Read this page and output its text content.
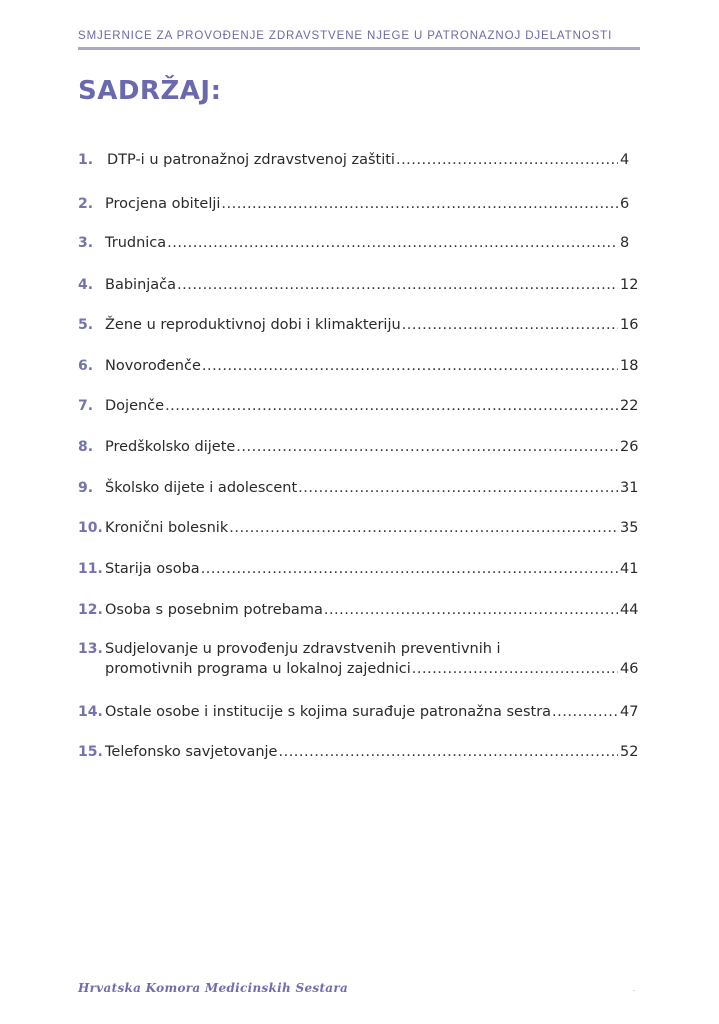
SMJERNICE ZA PROVOĐENJE ZDRAVSTVENE NJEGE U PATRONAŽNOJ DJELATNOSTI
SADRŽAJ:
1. DTP-i u patronažnoj zdravstvenoj zaštiti .....	4
2. Procjena obitelji .....	6
3. Trudnica .....	8
4. Babinjača .....	12
5. Žene u reproduktivnoj dobi i klimakteriju .....	16
6. Novorođenče .....	18
7. Dojenče .....	22
8. Predškolsko dijete .....	26
9. Školsko dijete i adolescent .....	31
10. Kronični bolesnik .....	35
11. Starija osoba .....	41
12. Osoba s posebnim potrebama .....	44
13. Sudjelovanje u provođenju zdravstvenih preventivnih i
promotivnih programa u lokalnoj zajednici .....	46
14. Ostale osobe i institucije s kojima surađuje patronažna sestra .....	47
15. Telefonsko savjetovanje .....	52
Hrvatska Komora Medicinskih Sestara	.
